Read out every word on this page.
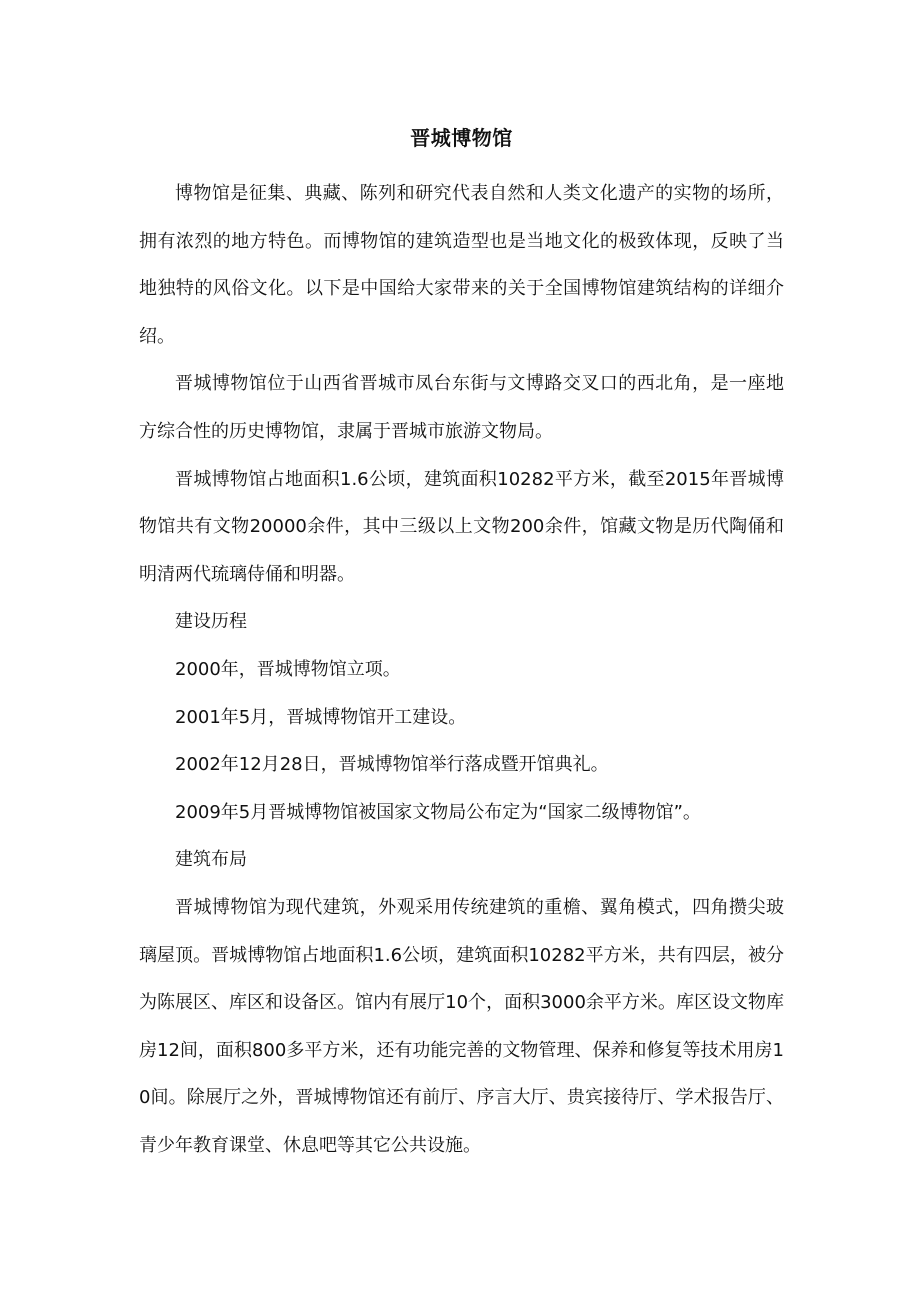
晋城博物馆

博物馆是征集、典藏、陈列和研究代表自然和人类文化遗产的实物的场所，拥有浓烈的地方特色。而博物馆的建筑造型也是当地文化的极致体现，反映了当地独特的风俗文化。以下是中国给大家带来的关于全国博物馆建筑结构的详细介绍。

晋城博物馆位于山西省晋城市凤台东街与文博路交叉口的西北角，是一座地方综合性的历史博物馆，隶属于晋城市旅游文物局。

晋城博物馆占地面积1.6公顷，建筑面积10282平方米，截至2015年晋城博物馆共有文物20000余件，其中三级以上文物200余件，馆藏文物是历代陶俑和明清两代琉璃侍俑和明器。

建设历程

2000年，晋城博物馆立项。

2001年5月，晋城博物馆开工建设。

2002年12月28日，晋城博物馆举行落成暨开馆典礼。

2009年5月晋城博物馆被国家文物局公布定为“国家二级博物馆”。

建筑布局

晋城博物馆为现代建筑，外观采用传统建筑的重檐、翼角模式，四角攒尖玻璃屋顶。晋城博物馆占地面积1.6公顷，建筑面积10282平方米，共有四层，被分为陈展区、库区和设备区。馆内有展厅10个，面积3000余平方米。库区设文物库房12间，面积800多平方米，还有功能完善的文物管理、保养和修复等技术用房10间。除展厅之外，晋城博物馆还有前厅、序言大厅、贵宾接待厅、学术报告厅、青少年教育课堂、休息吧等其它公共设施。
